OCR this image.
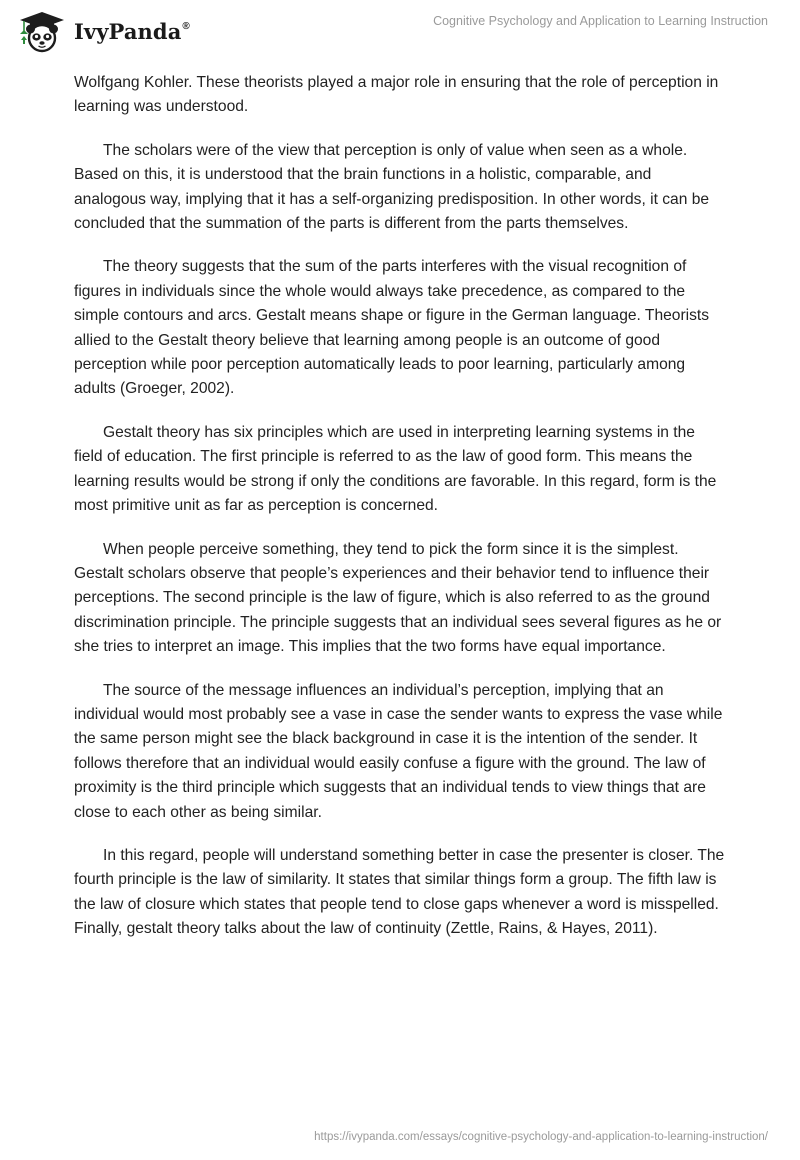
IvyPanda®	Cognitive Psychology and Application to Learning Instruction

Wolfgang Kohler. These theorists played a major role in ensuring that the role of perception in learning was understood.

The scholars were of the view that perception is only of value when seen as a whole. Based on this, it is understood that the brain functions in a holistic, comparable, and analogous way, implying that it has a self-organizing predisposition. In other words, it can be concluded that the summation of the parts is different from the parts themselves.

The theory suggests that the sum of the parts interferes with the visual recognition of figures in individuals since the whole would always take precedence, as compared to the simple contours and arcs. Gestalt means shape or figure in the German language. Theorists allied to the Gestalt theory believe that learning among people is an outcome of good perception while poor perception automatically leads to poor learning, particularly among adults (Groeger, 2002).

Gestalt theory has six principles which are used in interpreting learning systems in the field of education. The first principle is referred to as the law of good form. This means the learning results would be strong if only the conditions are favorable. In this regard, form is the most primitive unit as far as perception is concerned.

When people perceive something, they tend to pick the form since it is the simplest. Gestalt scholars observe that people’s experiences and their behavior tend to influence their perceptions. The second principle is the law of figure, which is also referred to as the ground discrimination principle. The principle suggests that an individual sees several figures as he or she tries to interpret an image. This implies that the two forms have equal importance.

The source of the message influences an individual’s perception, implying that an individual would most probably see a vase in case the sender wants to express the vase while the same person might see the black background in case it is the intention of the sender. It follows therefore that an individual would easily confuse a figure with the ground. The law of proximity is the third principle which suggests that an individual tends to view things that are close to each other as being similar.

In this regard, people will understand something better in case the presenter is closer. The fourth principle is the law of similarity. It states that similar things form a group. The fifth law is the law of closure which states that people tend to close gaps whenever a word is misspelled. Finally, gestalt theory talks about the law of continuity (Zettle, Rains, & Hayes, 2011).

https://ivypanda.com/essays/cognitive-psychology-and-application-to-learning-instruction/
